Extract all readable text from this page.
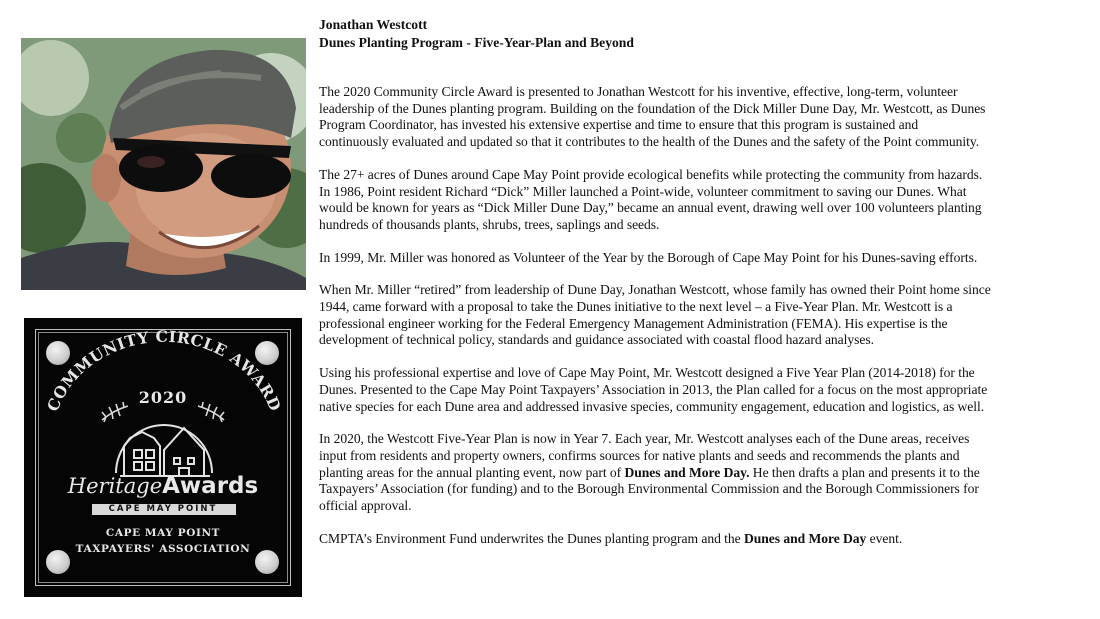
COMMUNITY CIRCLE AWARD
2020
HeritageAwards
CAPE MAY POINT
CAPE MAY POINT
TAXPAYERS' ASSOCIATION

Jonathan Westcott

Dunes Planting Program - Five-Year-Plan and Beyond

The 2020 Community Circle Award is presented to Jonathan Westcott for his inventive, effective, long-term, volunteer
leadership of the Dunes planting program. Building on the foundation of the Dick Miller Dune Day, Mr. Westcott, as Dunes
Program Coordinator, has invested his extensive expertise and time to ensure that this program is sustained and
continuously evaluated and updated so that it contributes to the health of the Dunes and the safety of the Point community.

The 27+ acres of Dunes around Cape May Point provide ecological benefits while protecting the community from hazards.
In 1986, Point resident Richard “Dick” Miller launched a Point-wide, volunteer commitment to saving our Dunes. What
would be known for years as “Dick Miller Dune Day,” became an annual event, drawing well over 100 volunteers planting
hundreds of thousands plants, shrubs, trees, saplings and seeds.

In 1999, Mr. Miller was honored as Volunteer of the Year by the Borough of Cape May Point for his Dunes-saving efforts.

When Mr. Miller “retired” from leadership of Dune Day, Jonathan Westcott, whose family has owned their Point home since
1944, came forward with a proposal to take the Dunes initiative to the next level – a Five-Year Plan. Mr. Westcott is a
professional engineer working for the Federal Emergency Management Administration (FEMA). His expertise is the
development of technical policy, standards and guidance associated with coastal flood hazard analyses.

Using his professional expertise and love of Cape May Point, Mr. Westcott designed a Five Year Plan (2014-2018) for the
Dunes. Presented to the Cape May Point Taxpayers’ Association in 2013, the Plan called for a focus on the most appropriate
native species for each Dune area and addressed invasive species, community engagement, education and logistics, as well.

In 2020, the Westcott Five-Year Plan is now in Year 7. Each year, Mr. Westcott analyses each of the Dune areas, receives
input from residents and property owners, confirms sources for native plants and seeds and recommends the plants and
planting areas for the annual planting event, now part of Dunes and More Day. He then drafts a plan and presents it to the
Taxpayers’ Association (for funding) and to the Borough Environmental Commission and the Borough Commissioners for
official approval.

CMPTA’s Environment Fund underwrites the Dunes planting program and the Dunes and More Day event.
